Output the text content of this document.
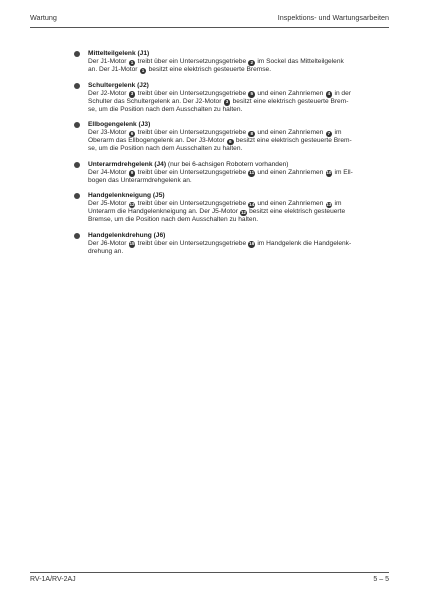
Wartung	Inspektions- und Wartungsarbeiten
Mittelteilgelenk (J1)
Der J1-Motor 1 treibt über ein Untersetzungsgetriebe 2 im Sockel das Mittelteilgelenk
an. Der J1-Motor 1 besitzt eine elektrisch gesteuerte Bremse.
Schultergelenk (J2)
Der J2-Motor 3 treibt über ein Untersetzungsgetriebe 5 und einen Zahnriemen 4 in der
Schulter das Schultergelenk an. Der J2-Motor 3 besitzt eine elektrisch gesteuerte Brem-
se, um die Position nach dem Ausschalten zu halten.
Ellbogengelenk (J3)
Der J3-Motor 6 treibt über ein Untersetzungsgetriebe 8 und einen Zahnriemen 7 im
Oberarm das Ellbogengelenk an. Der J3-Motor 6 besitzt eine elektrisch gesteuerte Brem-
se, um die Position nach dem Ausschalten zu halten.
Unterarmdrehgelenk (J4) (nur bei 6-achsigen Robotern vorhanden)
Der J4-Motor 9 treibt über ein Untersetzungsgetriebe 11 und einen Zahnriemen 10 im Ell-
bogen das Unterarmdrehgelenk an.
Handgelenkneigung (J5)
Der J5-Motor 12 treibt über ein Untersetzungsgetriebe 14 und einen Zahnriemen 13 im
Unterarm die Handgelenkneigung an. Der J5-Motor 12 besitzt eine elektrisch gesteuerte
Bremse, um die Position nach dem Ausschalten zu halten.
Handgelenkdrehung (J6)
Der J6-Motor 15 treibt über ein Untersetzungsgetriebe 16 im Handgelenk die Handgelenk-
drehung an.
RV-1A/RV-2AJ	5 – 5
